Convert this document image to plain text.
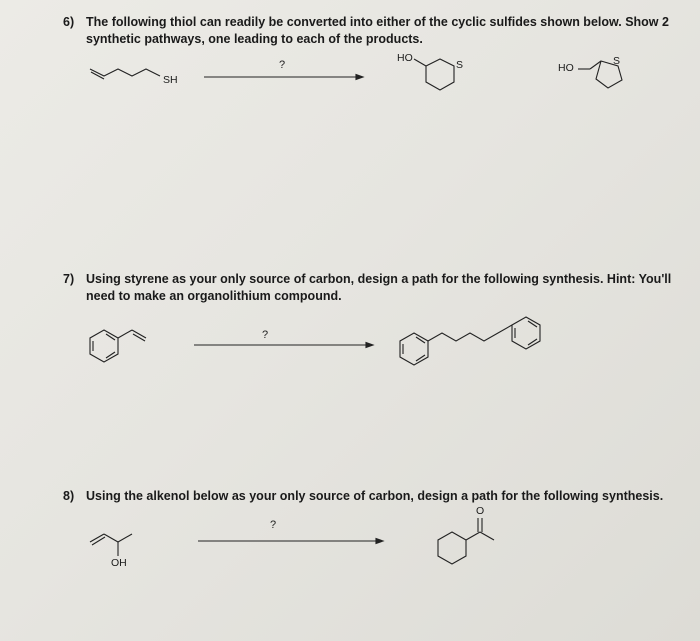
6) The following thiol can readily be converted into either of the cyclic sulfides shown below. Show 2
synthetic pathways, one leading to each of the products.
7) Using styrene as your only source of carbon, design a path for the following synthesis. Hint: You'll
need to make an organolithium compound.
8) Using the alkenol below as your only source of carbon, design a path for the following synthesis.
SH
?
HO
S	HO
S
?
OH
?
O
